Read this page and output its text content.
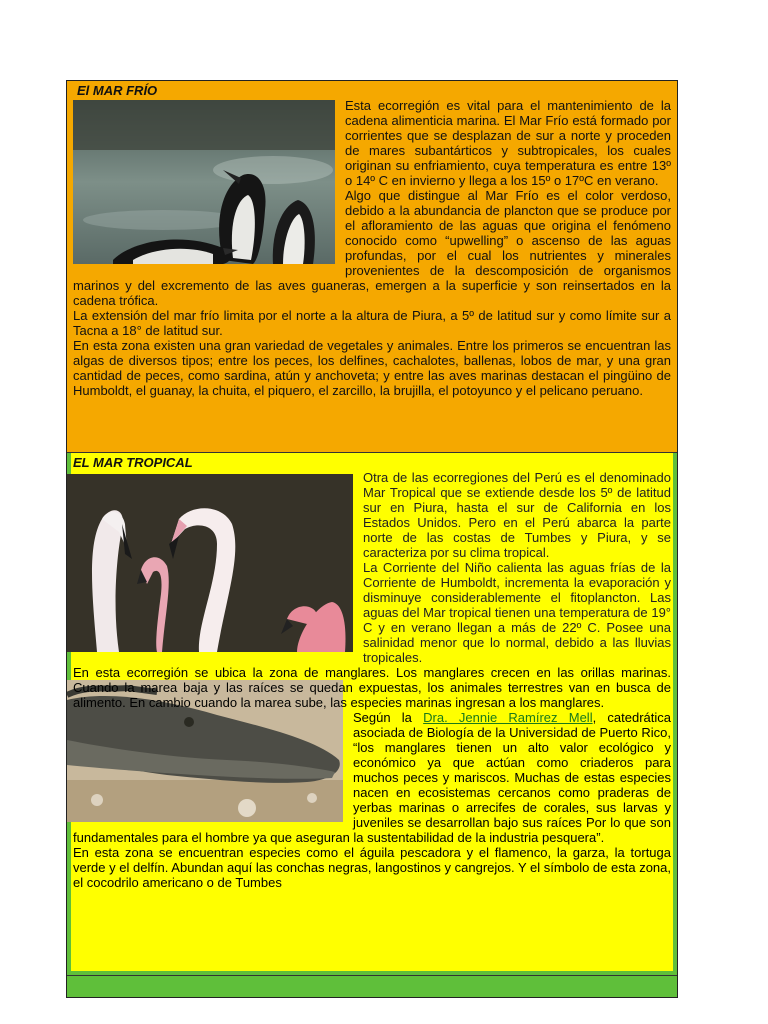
El MAR FRÍO

Esta ecorregión es vital para el mantenimiento de la cadena alimenticia marina. El Mar Frío está formado por corrientes que se desplazan de sur a norte y proceden de mares subantárticos y subtropicales, los cuales originan su enfriamiento, cuya temperatura es entre 13º o 14º C en invierno y llega a los 15º o 17ºC en verano.

Algo que distingue al Mar Frío es el color verdoso, debido a la abundancia de plancton que se produce por el afloramiento de las aguas que origina el fenómeno conocido como “upwelling” o ascenso de las aguas profundas, por el cual los nutrientes y minerales provenientes de la descomposición de organismos marinos y del excremento de las aves guaneras, emergen a la superficie y son reinsertados en la cadena trófica.

La extensión del mar frío limita por el norte a la altura de Piura, a 5º de latitud sur y como límite sur a Tacna a 18° de latitud sur.

En esta zona existen una gran variedad de vegetales y animales. Entre los primeros se encuentran las algas de diversos tipos; entre los peces, los delfines, cachalotes, ballenas, lobos de mar, y una gran cantidad de peces, como sardina, atún y anchoveta; y entre las aves marinas destacan el pingüino de Humboldt, el guanay, la chuita, el piquero, el zarcillo, la brujilla, el potoyunco y el pelicano peruano.

EL MAR TROPICAL

Otra de las ecorregiones del Perú es el denominado Mar Tropical que se extiende desde los 5º de latitud sur en Piura, hasta el sur de California en los Estados Unidos. Pero en el Perú abarca la parte norte de las costas de Tumbes y Piura, y se caracteriza por su clima tropical.

La Corriente del Niño calienta las aguas frías de la Corriente de Humboldt, incrementa la evaporación y disminuye considerablemente el fitoplancton. Las aguas del Mar tropical tienen una temperatura de 19° C y en verano llegan a más de 22º C. Posee una salinidad menor que lo normal, debido a las lluvias tropicales.

En esta ecorregión se ubica la zona de manglares. Los manglares crecen en las orillas marinas. Cuando la marea baja y las raíces se quedan expuestas, los animales terrestres van en busca de alimento. En cambio cuando la marea sube, las especies marinas ingresan a los manglares.

Según la Dra. Jennie Ramírez Mell, catedrática asociada de Biología de la Universidad de Puerto Rico, “los manglares tienen un alto valor ecológico y económico ya que actúan como criaderos para muchos peces y mariscos. Muchas de estas especies nacen en ecosistemas cercanos como praderas de yerbas marinas o arrecifes de corales, sus larvas y juveniles se desarrollan bajo sus raíces Por lo que son fundamentales para el hombre ya que aseguran la sustentabilidad de la industria pesquera”.

En esta zona se encuentran especies como el águila pescadora y el flamenco, la garza, la tortuga verde y el delfín. Abundan aquí las conchas negras, langostinos y cangrejos. Y el símbolo de esta zona, el cocodrilo americano o de Tumbes
